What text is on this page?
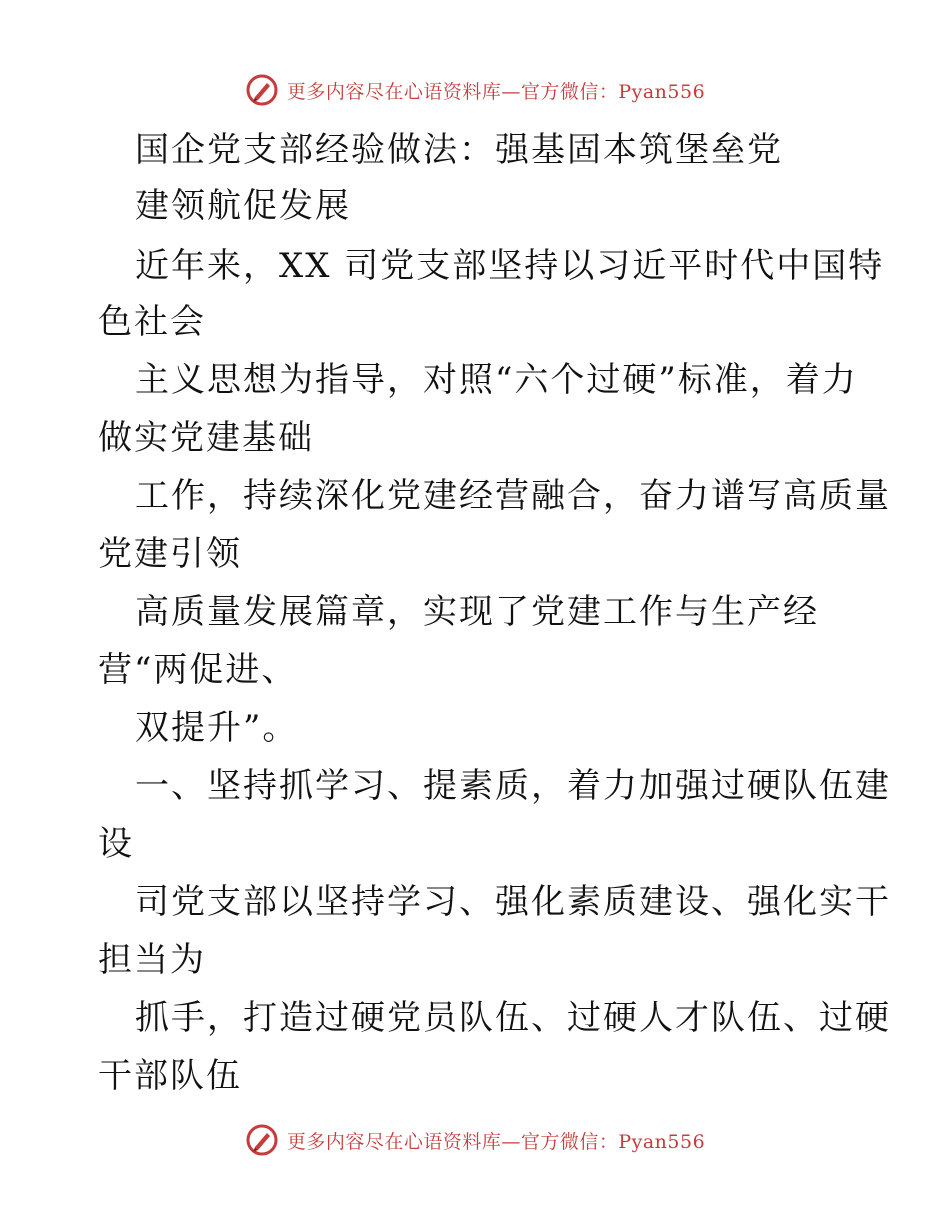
更多内容尽在心语资料库—官方微信：Pyan556
国企党支部经验做法：强基固本筑堡垒党
建领航促发展
近年来，XX 司党支部坚持以习近平时代中国特
色社会
主义思想为指导，对照“六个过硬”标准，着力
做实党建基础
工作，持续深化党建经营融合，奋力谱写高质量
党建引领
高质量发展篇章，实现了党建工作与生产经
营“两促进、
双提升”。
一、坚持抓学习、提素质，着力加强过硬队伍建
设
司党支部以坚持学习、强化素质建设、强化实干
担当为
抓手，打造过硬党员队伍、过硬人才队伍、过硬
干部队伍
更多内容尽在心语资料库—官方微信：Pyan556
